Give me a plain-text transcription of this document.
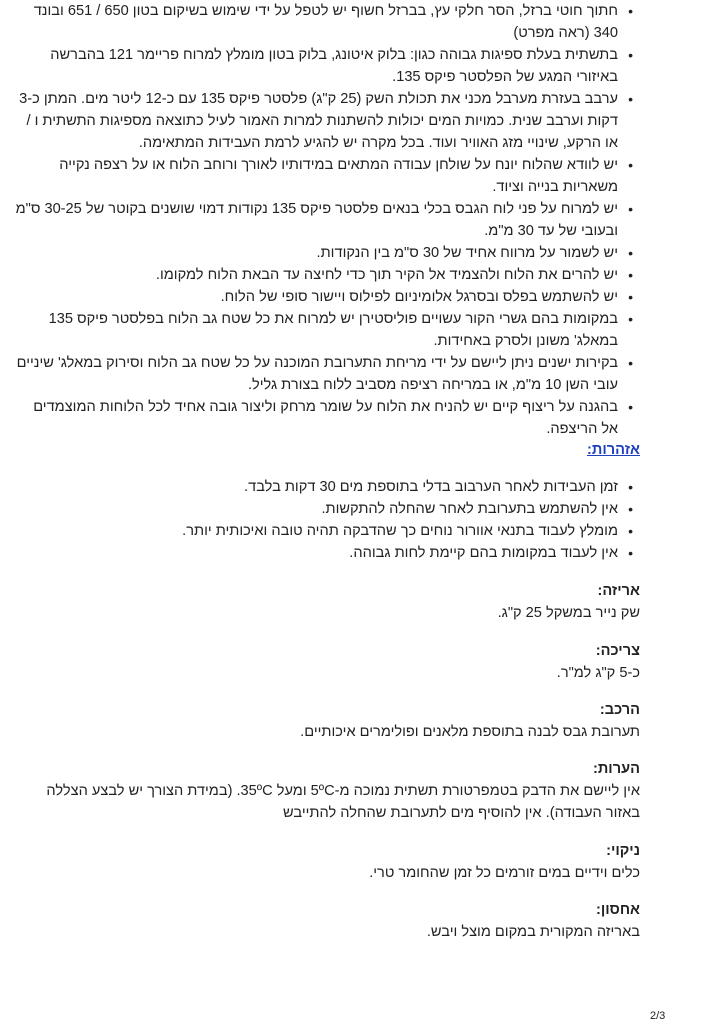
• חתוך חוטי ברזל, הסר חלקי עץ, בברזל חשוף יש לטפל על ידי שימוש בשיקום בטון 650 / 651 ובונד 340 (ראה מפרט)
• בתשתית בעלת ספיגות גבוהה כגון: בלוק איטונג, בלוק בטון מומלץ למרוח פריימר 121 בהברשה באיזורי המגע של הפלסטר פיקס 135.
• ערבב בעזרת מערבל מכני את תכולת השק (25 ק"ג) פלסטר פיקס 135 עם כ-12 ליטר מים. המתן כ-3 דקות וערבב שנית. כמויות המים יכולות להשתנות למרות האמור לעיל כתוצאה מספיגות התשתית ו / או הרקע, שינויי מזג האוויר ועוד. בכל מקרה יש להגיע לרמת העבידות המתאימה.
• יש לוודא שהלוח יונח על שולחן עבודה המתאים במידותיו לאורך ורוחב הלוח או על רצפה נקייה משאריות בנייה וציוד.
• יש למרוח על פני לוח הגבס בכלי בנאים פלסטר פיקס 135 נקודות דמוי שושנים בקוטר של 30-25 ס"מ ובעובי של עד 30 מ"מ.
• יש לשמור על מרווח אחיד של 30 ס"מ בין הנקודות.
• יש להרים את הלוח ולהצמיד אל הקיר תוך כדי לחיצה עד הבאת הלוח למקומו.
• יש להשתמש בפלס ובסרגל אלומיניום לפילוס ויישור סופי של הלוח.
• במקומות בהם גשרי הקור עשויים פוליסטירן יש למרוח את כל שטח גב הלוח בפלסטר פיקס 135 במאלג' משונן ולסרק באחידות.
• בקירות ישנים ניתן ליישם על ידי מריחת התערובת המוכנה על כל שטח גב הלוח וסירוק במאלג' שיניים עובי השן 10 מ"מ, או במריחה רציפה מסביב ללוח בצורת גליל.
• בהגנה על ריצוף קיים יש להניח את הלוח על שומר מרחק וליצור גובה אחיד לכל הלוחות המוצמדים אל הריצפה.
אזהרות:
• זמן העבידות לאחר הערבוב בדלי בתוספת מים 30 דקות בלבד.
• אין להשתמש בתערובת לאחר שהחלה להתקשות.
• מומלץ לעבוד בתנאי אוורור נוחים כך שהדבקה תהיה טובה ואיכותית יותר.
• אין לעבוד במקומות בהם קיימת לחות גבוהה.

אריזה:

שק נייר במשקל 25 ק"ג.

צריכה:

כ-5 ק"ג למ"ר.

הרכב:

תערובת גבס לבנה בתוספת מלאנים ופולימרים איכותיים.

הערות:

אין ליישם את הדבק בטמפרטורת תשתית נמוכה מ-5ºC ומעל 35ºC. (במידת הצורך יש לבצע הצללה באזור העבודה). אין להוסיף מים לתערובת שהחלה להתייבש

ניקוי:

כלים וידיים במים זורמים כל זמן שהחומר טרי.

אחסון:

באריזה המקורית במקום מוצל ויבש.

2/3
